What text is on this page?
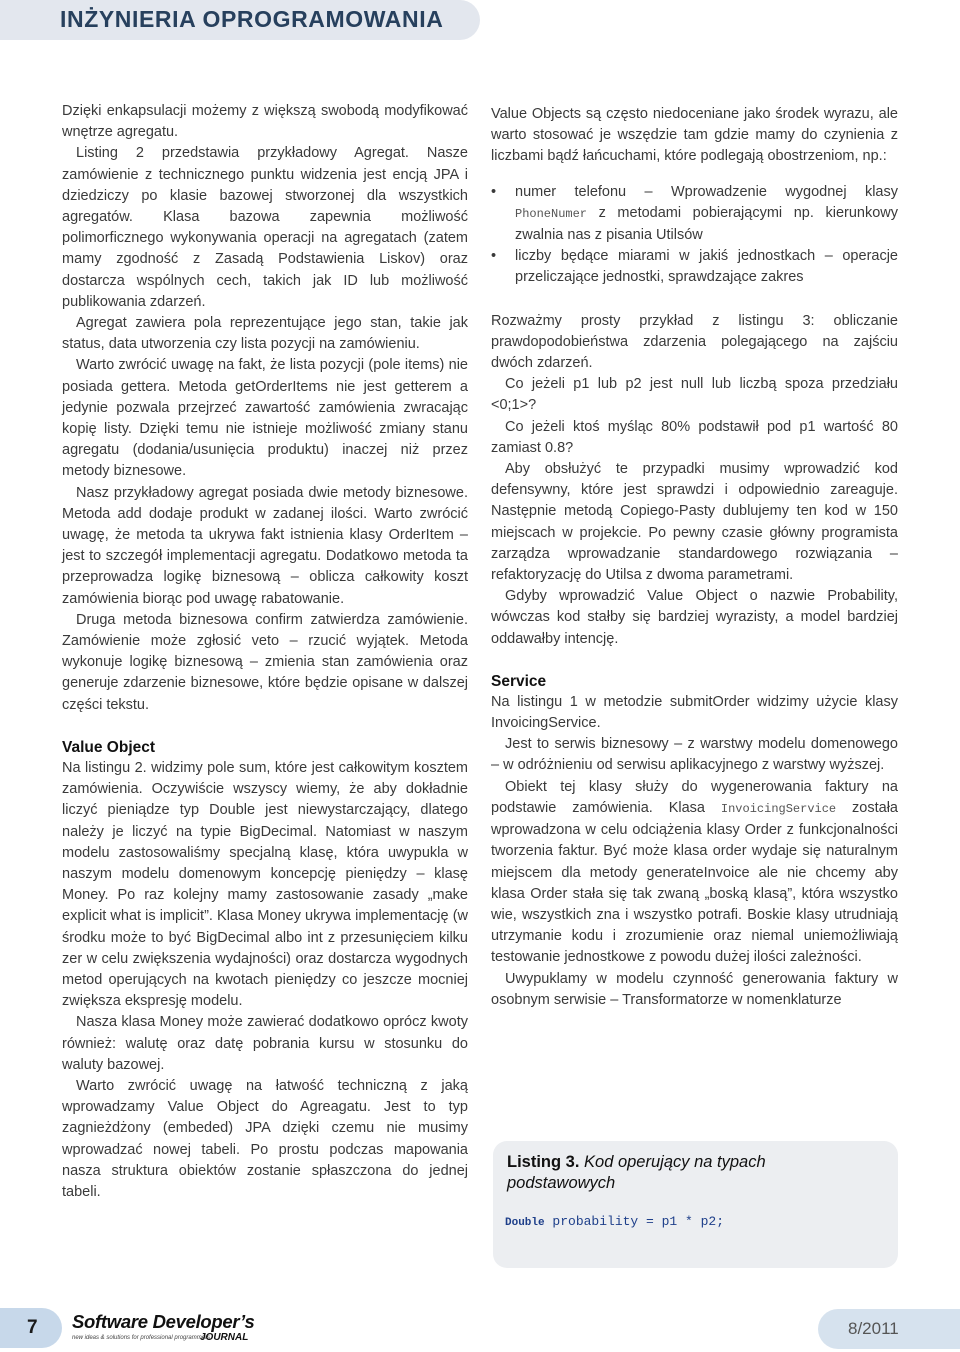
INŻYNIERIA OPROGRAMOWANIA

Dzięki enkapsulacji możemy z większą swobodą modyfikować wnętrze agregatu.

Listing 2 przedstawia przykładowy Agregat. Nasze zamówienie z technicznego punktu widzenia jest encją JPA i dziedziczy po klasie bazowej stworzonej dla wszystkich agregatów. Klasa bazowa zapewnia możliwość polimorficznego wykonywania operacji na agregatach (zatem mamy zgodność z Zasadą Podstawienia Liskov) oraz dostarcza wspólnych cech, takich jak ID lub możliwość publikowania zdarzeń.

Agregat zawiera pola reprezentujące jego stan, takie jak status, data utworzenia czy lista pozycji na zamówieniu.

Warto zwrócić uwagę na fakt, że lista pozycji (pole items) nie posiada gettera. Metoda getOrderItems nie jest getterem a jedynie pozwala przejrzeć zawartość zamówienia zwracając kopię listy. Dzięki temu nie istnieje możliwość zmiany stanu agregatu (dodania/usunięcia produktu) inaczej niż przez metody biznesowe.

Nasz przykładowy agregat posiada dwie metody biznesowe. Metoda add dodaje produkt w zadanej ilości. Warto zwrócić uwagę, że metoda ta ukrywa fakt istnienia klasy OrderItem – jest to szczegół implementacji agregatu. Dodatkowo metoda ta przeprowadza logikę biznesową – oblicza całkowity koszt zamówienia biorąc pod uwagę rabatowanie.

Druga metoda biznesowa confirm zatwierdza zamówienie. Zamówienie może zgłosić veto – rzucić wyjątek. Metoda wykonuje logikę biznesową – zmienia stan zamówienia oraz generuje zdarzenie biznesowe, które będzie opisane w dalszej części tekstu.

Value Object

Na listingu 2. widzimy pole sum, które jest całkowitym kosztem zamówienia. Oczywiście wszyscy wiemy, że aby dokładnie liczyć pieniądze typ Double jest niewystarczający, dlatego należy je liczyć na typie BigDecimal. Natomiast w naszym modelu zastosowaliśmy specjalną klasę, która uwypukla w naszym modelu domenowym koncepcję pieniędzy – klasę Money. Po raz kolejny mamy zastosowanie zasady „make explicit what is implicit”. Klasa Money ukrywa implementację (w środku może to być BigDecimal albo int z przesunięciem kilku zer w celu zwiększenia wydajności) oraz dostarcza wygodnych metod operujących na kwotach pieniędzy co jeszcze mocniej zwiększa ekspresję modelu.

Nasza klasa Money może zawierać dodatkowo oprócz kwoty również: walutę oraz datę pobrania kursu w stosunku do waluty bazowej.

Warto zwrócić uwagę na łatwość techniczną z jaką wprowadzamy Value Object do Agreagatu. Jest to typ zagnieżdżony (embeded) JPA dzięki czemu nie musimy wprowadzać nowej tabeli. Po prostu podczas mapowania nasza struktura obiektów zostanie spłaszczona do jednej tabeli.

Value Objects są często niedoceniane jako środek wyrazu, ale warto stosować je wszędzie tam gdzie mamy do czynienia z liczbami bądź łańcuchami, które podlegają obostrzeniom, np.:

•	numer telefonu – Wprowadzenie wygodnej klasy PhoneNumer z metodami pobierającymi np. kierunkowy zwalnia nas z pisania Utilsów
•	liczby będące miarami w jakiś jednostkach – operacje przeliczające jednostki, sprawdzające zakres

Rozważmy prosty przykład z listingu 3: obliczanie prawdopodobieństwa zdarzenia polegającego na zajściu dwóch zdarzeń.

Co jeżeli p1 lub p2 jest null lub liczbą spoza przedziału <0;1>?

Co jeżeli ktoś myśląc 80% podstawił pod p1 wartość 80 zamiast 0.8?

Aby obsłużyć te przypadki musimy wprowadzić kod defensywny, które jest sprawdzi i odpowiednio zareaguje. Następnie metodą Copiego-Pasty dublujemy ten kod w 150 miejscach w projekcie. Po pewny czasie główny programista zarządza wprowadzanie standardowego rozwiązania – refaktoryzację do Utilsa z dwoma parametrami.

Gdyby wprowadzić Value Object o nazwie Probability, wówczas kod stałby się bardziej wyrazisty, a model bardziej oddawałby intencję.

Service

Na listingu 1 w metodzie submitOrder widzimy użycie klasy InvoicingService.

Jest to serwis biznesowy – z warstwy modelu domenowego – w odróżnieniu od serwisu aplikacyjnego z warstwy wyższej.

Obiekt tej klasy służy do wygenerowania faktury na podstawie zamówienia. Klasa InvoicingService została wprowadzona w celu odciążenia klasy Order z funkcjonalności tworzenia faktur. Być może klasa order wydaje się naturalnym miejscem dla metody generateInvoice ale nie chcemy aby klasa Order stała się tak zwaną „boską klasą”, która wszystko wie, wszystkich zna i wszystko potrafi. Boskie klasy utrudniają utrzymanie kodu i zrozumienie oraz niemal uniemożliwiają testowanie jednostkowe z powodu dużej ilości zależności.

Uwypuklamy w modelu czynność generowania faktury w osobnym serwisie – Transformatorze w nomenklaturze

Listing 3. Kod operujący na typach podstawowych
Double probability = p1 * p2;
7 Software Developer’s
new ideas & solutions for professional programmers
JOURNAL	8/2011
